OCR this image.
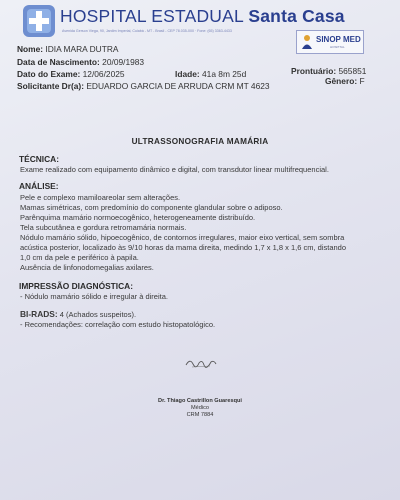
HOSPITAL ESTADUAL Santa Casa
Avenida Gerson Viega, 90, Jardim Imperial, Cuiabá - MT - Brasil - CEP 78.035-000 · Fone: (65) 3363-4433
SINOP MED
HOSPITAL
Nome: IDIA MARA DUTRA
Data de Nascimento: 20/09/1983
Dato do Exame: 12/06/2025
Solicitante Dr(a): EDUARDO GARCIA DE ARRUDA CRM MT 4623
Idade: 41a 8m 25d	Prontuário: 565851
Gênero: F
ULTRASSONOGRAFIA MAMÁRIA
TÉCNICA:
Exame realizado com equipamento dinâmico e digital, com transdutor linear multifrequencial.
ANÁLISE:
Pele e complexo mamiloareolar sem alterações.
Mamas simétricas, com predomínio do componente glandular sobre o adiposo.
Parênquima mamário normoecogênico, heterogeneamente distribuído.
Tela subcutânea e gordura retromamária normais.
Nódulo mamário sólido, hipoecogênico, de contornos irregulares, maior eixo vertical, sem sombra
acústica posterior, localizado às 9/10 horas da mama direita, medindo 1,7 x 1,8 x 1,6 cm, distando
1,0 cm da pele e periférico à papila.
Ausência de linfonodomegalias axilares.
IMPRESSÃO DIAGNÓSTICA:
- Nódulo mamário sólido e irregular à direita.
BI-RADS: 4 (Achados suspeitos).
- Recomendações: correlação com estudo histopatológico.
Dr. Thiago Castrillon Guaresqui
Médico
CRM 7884
